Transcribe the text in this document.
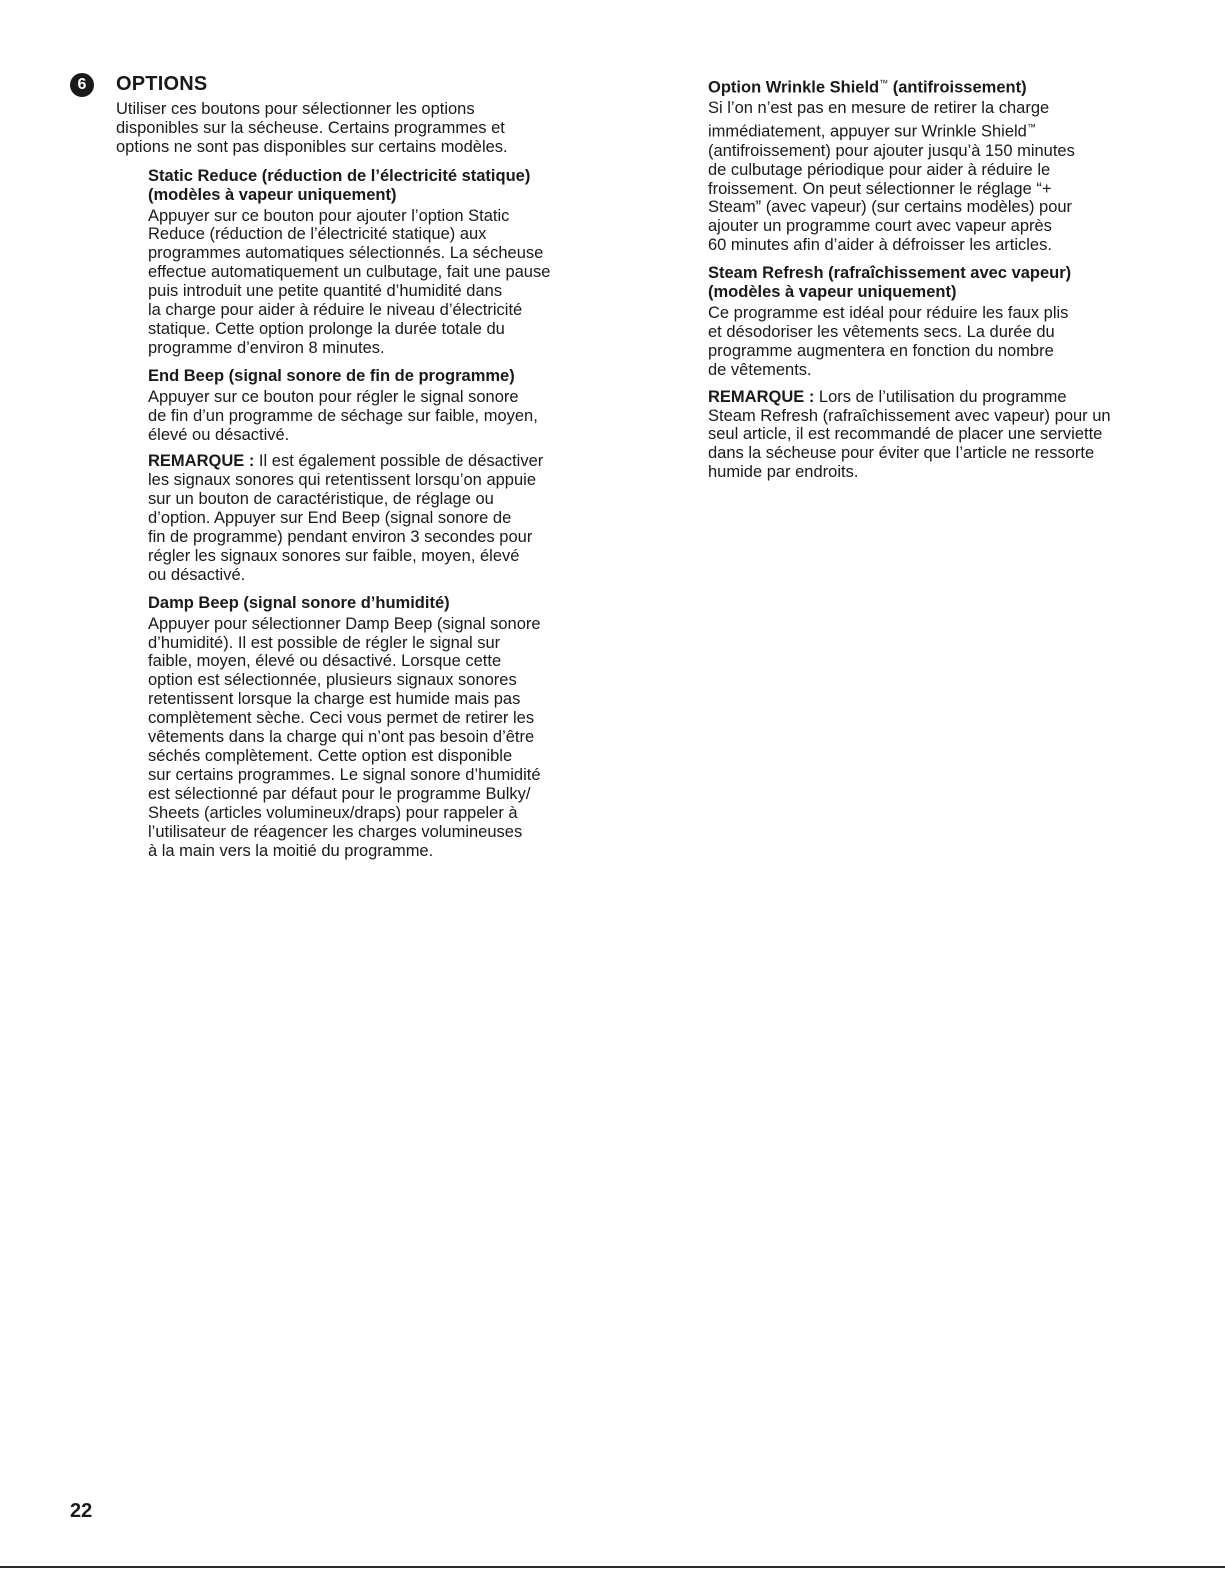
6	OPTIONS

Utiliser ces boutons pour sélectionner les options
disponibles sur la sécheuse. Certains programmes et
options ne sont pas disponibles sur certains modèles.

Static Reduce (réduction de l’électricité statique)
(modèles à vapeur uniquement)

Appuyer sur ce bouton pour ajouter l’option Static
Reduce (réduction de l’électricité statique) aux
programmes automatiques sélectionnés. La sécheuse
effectue automatiquement un culbutage, fait une pause
puis introduit une petite quantité d’humidité dans
la charge pour aider à réduire le niveau d’électricité
statique. Cette option prolonge la durée totale du
programme d’environ 8 minutes.

End Beep (signal sonore de fin de programme)

Appuyer sur ce bouton pour régler le signal sonore
de fin d’un programme de séchage sur faible, moyen,
élevé ou désactivé.

REMARQUE : Il est également possible de désactiver
les signaux sonores qui retentissent lorsqu’on appuie
sur un bouton de caractéristique, de réglage ou
d’option. Appuyer sur End Beep (signal sonore de
fin de programme) pendant environ 3 secondes pour
régler les signaux sonores sur faible, moyen, élevé
ou désactivé.

Damp Beep (signal sonore d’humidité)

Appuyer pour sélectionner Damp Beep (signal sonore
d’humidité). Il est possible de régler le signal sur
faible, moyen, élevé ou désactivé. Lorsque cette
option est sélectionnée, plusieurs signaux sonores
retentissent lorsque la charge est humide mais pas
complètement sèche. Ceci vous permet de retirer les
vêtements dans la charge qui n’ont pas besoin d’être
séchés complètement. Cette option est disponible
sur certains programmes. Le signal sonore d’humidité
est sélectionné par défaut pour le programme Bulky/
Sheets (articles volumineux/draps) pour rappeler à
l’utilisateur de réagencer les charges volumineuses
à la main vers la moitié du programme.

Option Wrinkle Shield™ (antifroissement)

Si l’on n’est pas en mesure de retirer la charge
immédiatement, appuyer sur Wrinkle Shield™
(antifroissement) pour ajouter jusqu’à 150 minutes
de culbutage périodique pour aider à réduire le
froissement. On peut sélectionner le réglage “+
Steam” (avec vapeur) (sur certains modèles) pour
ajouter un programme court avec vapeur après
60 minutes afin d’aider à défroisser les articles.

Steam Refresh (rafraîchissement avec vapeur)
(modèles à vapeur uniquement)

Ce programme est idéal pour réduire les faux plis
et désodoriser les vêtements secs. La durée du
programme augmentera en fonction du nombre
de vêtements.

REMARQUE : Lors de l’utilisation du programme
Steam Refresh (rafraîchissement avec vapeur) pour un
seul article, il est recommandé de placer une serviette
dans la sécheuse pour éviter que l’article ne ressorte
humide par endroits.

22
